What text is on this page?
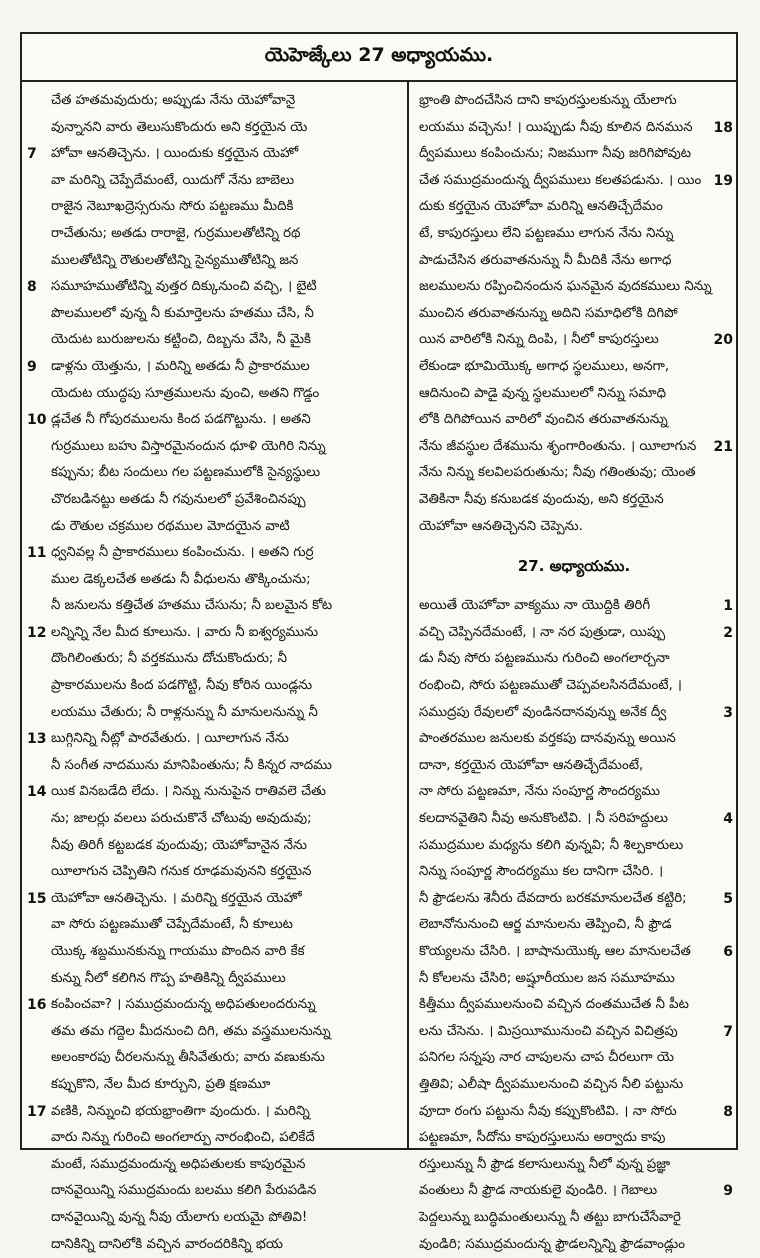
యెహెజ్కేలు 27 అధ్యాయము.
చేత హతమవుదురు; అప్పుడు నేను యెహోవానై
వున్నానని వారు తెలుసుకొందురు అని కర్తయైన యె
7 హోవా ఆనతిచ్చెను. । యిందుకు కర్తయైన యెహో
వా మరిన్ని చెప్పేదేమంటే, యిదుగో నేను బాబెలు
రాజైన నెబూఖద్రెస్సరును సోరు పట్టణము మీదికి
రాచేతును; అతడు రారాజై, గుర్రములతోటిన్ని రథ
ములతోటిన్ని రౌతులతోటిన్ని సైన్యముతోటిన్ని జన
8 సమూహముతోటిన్ని వుత్తర దిక్కునుంచి వచ్చి, । బైటి
పొలములలో వున్న నీ కుమార్తెలను హతము చేసి, నీ
యెదుట బురుజులను కట్టించి, దిబ్బను వేసి, నీ మైకి
9 డాళ్లను యెత్తును, । మరిన్ని అతడు నీ ప్రాకారముల
యెదుట యుద్ధపు సూత్రములను వుంచి, అతని గొడ్డం
10 డ్లచేత నీ గోపురములను కింద పడగొట్టును. । అతని
గుర్రములు బహు విస్తారమైనందున ధూళి యెగిరి నిన్ను
కప్పును; బీట సందులు గల పట్టణములోకి సైన్యస్థులు
చొరబడినట్టు అతడు నీ గవునులలో ప్రవేశించినప్పు
డు రౌతుల చక్రముల రథముల మోదయైన వాటి
11 ధ్వనివల్ల నీ ప్రాకారములు కంపించును. । అతని గుర్ర
ముల డెక్కలచేత అతడు నీ వీధులను తొక్కించును;
నీ జనులను కత్తిచేత హతము చేసును; నీ బలమైన కోట
12 లన్నిన్ని నేల మీద కూలును. । వారు నీ ఐశ్వర్యమును
దొంగిలింతురు; నీ వర్తకమును దోచుకొందురు; నీ
ప్రాకారములను కింద పడగొట్టి, నీవు కోరిన యిండ్లను
లయము చేతురు; నీ రాళ్లనున్ను నీ మానులనున్ను నీ
13 బుగ్గినిన్ని నీట్లో పారవేతురు. । యీలాగున నేను
నీ సంగీత నాదమును మానిపింతును; నీ కిన్నర నాదము
14 యిక వినబడేది లేదు. । నిన్ను నునుపైన రాతివలె చేతు
ను; జాలర్లు వలలు పరుచుకొనే చోటువు అవుదువు;
నీవు తిరిగీ కట్టబడక వుందువు; యెహోవానైన నేను
యీలాగున చెప్పితిని గనుక రూఢమవునని కర్తయైన
15 యెహోవా ఆనతిచ్చెను. । మరిన్ని కర్తయైన యెహో
వా సోరు పట్టణముతో చెప్పేదేమంటే, నీ కూలుట
యొక్క శబ్దమునకున్ను గాయము పొందిన వారి కేక
కున్ను నీలో కలిగిన గొప్ప హతికిన్ని ద్వీపములు
16 కంపించవా? । సముద్రమందున్న అధిపతులందరున్ను
తమ తమ గద్దెల మీదనుంచి దిగి, తమ వస్త్రములనున్ను
అలంకారపు చీరలనున్ను తీసివేతురు; వారు వణుకును
కప్పుకొని, నేల మీద కూర్చుని, ప్రతి క్షణమూ
17 వణికి, నిన్నుంచి భయభ్రాంతిగా వుందురు. । మరిన్ని
వారు నిన్ను గురించి అంగలార్పు నారంభించి, పలికేదే
మంటే, సముద్రమందున్న అధిపతులకు కాపురమైన
దానవైయిన్ని సముద్రమందు బలము కలిగి పేరుపడిన
దానవైయిన్ని వున్న నీవు యేలాగు లయమై పోతివి!
దానికిన్ని దానిలోకి వచ్చిన వారందరికిన్ని భయ
భ్రాంతి పొందచేసిన దాని కాపురస్తులకున్ను యేలాగు
18
లయము వచ్చెను! । యిప్పుడు నీవు కూలిన దినమున
ద్వీపములు కంపించును; నిజముగా నీవు జరిగిపోవుట
19
చేత సముద్రమందున్న ద్వీపములు కలతపడును. । యిం
దుకు కర్తయైన యెహోవా మరిన్ని ఆనతిచ్చేదేమం
టే, కాపురస్తులు లేని పట్టణము లాగున నేను నిన్ను
పాడుచేసిన తరువాతనున్ను నీ మీదికి నేను అగాధ
జలములను రప్పించినందున ఘనమైన వుదకములు నిన్ను
ముంచిన తరువాతనున్ను అదిని సమాధిలోకి దిగిపో
20
యిన వారిలోకి నిన్ను దింపి, । నీలో కాపురస్తులు
లేకుండా భూమియొక్క అగాధ స్థలములు, అనగా,
ఆదినుంచి పాడై వున్న స్థలములలో నిన్ను సమాధి
లోకి దిగిపోయిన వారిలో వుంచిన తరువాతనున్ను
21
నేను జీవస్థుల దేశమును శృంగారింతును. । యీలాగున
నేను నిన్ను కలవిలపరుతును; నీవు గతింతువు; యెంత
వెతికినా నీవు కనుబడక వుందువు, అని కర్తయైన
యెహోవా ఆనతిచ్చెనని చెప్పెను.
27. అధ్యాయము.
1
అయితే యెహోవా వాక్యము నా యొద్దికి తిరిగీ
2
వచ్చి చెప్పినదేమంటే, । నా నర పుత్రుడా, యిప్పు
డు నీవు సోరు పట్టణమును గురించి అంగలార్చనా
రంభించి, సోరు పట్టణముతో చెప్పవలసినదేమంటే, ।
3
సముద్రపు రేవులలో వుండినదానవున్ను అనేక ద్వీ
పాంతరముల జనులకు వర్తకపు దానవున్ను అయిన
దానా, కర్తయైన యెహోవా ఆనతిచ్చేదేమంటే,
నా సోరు పట్టణమా, నేను సంపూర్ణ సౌందర్యము
4
కలదానవైతిని నీవు అనుకొంటివి. । నీ సరిహద్దులు
సముద్రముల మధ్యను కలిగి వున్నవి; నీ శిల్పకారులు
నిన్ను సంపూర్ణ సౌందర్యము కల దానిగా చేసిరి. ।
5
నీ ఫ్రౌడలను శెనీరు దేవదారు బరకమానులచేత కట్టిరి;
లెబానోనునుంచి ఆర్జ మానులను తెప్పించి, నీ ఫ్రౌడ
6
కొయ్యలను చేసిరి. । బాషానుయొక్క ఆల మానులచేత
నీ కోలలను చేసిరి; అష్షూరీయుల జన సమూహము
కిత్తీము ద్వీపములనుంచి వచ్చిన దంతముచేత నీ పీట
7
లను చేసెను. । మిస్రయీమునుంచి వచ్చిన విచిత్రపు
పనిగల సన్నపు నార చాపులను చాప చీరలుగా యె
త్తితివి; ఎలీషా ద్వీపములనుంచి వచ్చిన నీలి పట్టును
8
వూదా రంగు పట్టును నీవు కప్పుకొంటివి. । నా సోరు
పట్టణమా, సీదోను కాపురస్తులును అర్వాదు కాపు
రస్తులున్ను నీ ఫ్రౌడ కలాసులున్ను నీలో వున్న ప్రజ్ఞా
9
వంతులు నీ ఫ్రౌడ నాయకులై వుండిరి. । గెబాలు
పెద్దలున్ను బుద్ధిమంతులున్ను నీ తట్టు బాగుచేసేవారై
వుండిరి; సముద్రమందున్న ఫ్రౌడలన్నిన్ని ఫ్రౌడవాండ్లుం
